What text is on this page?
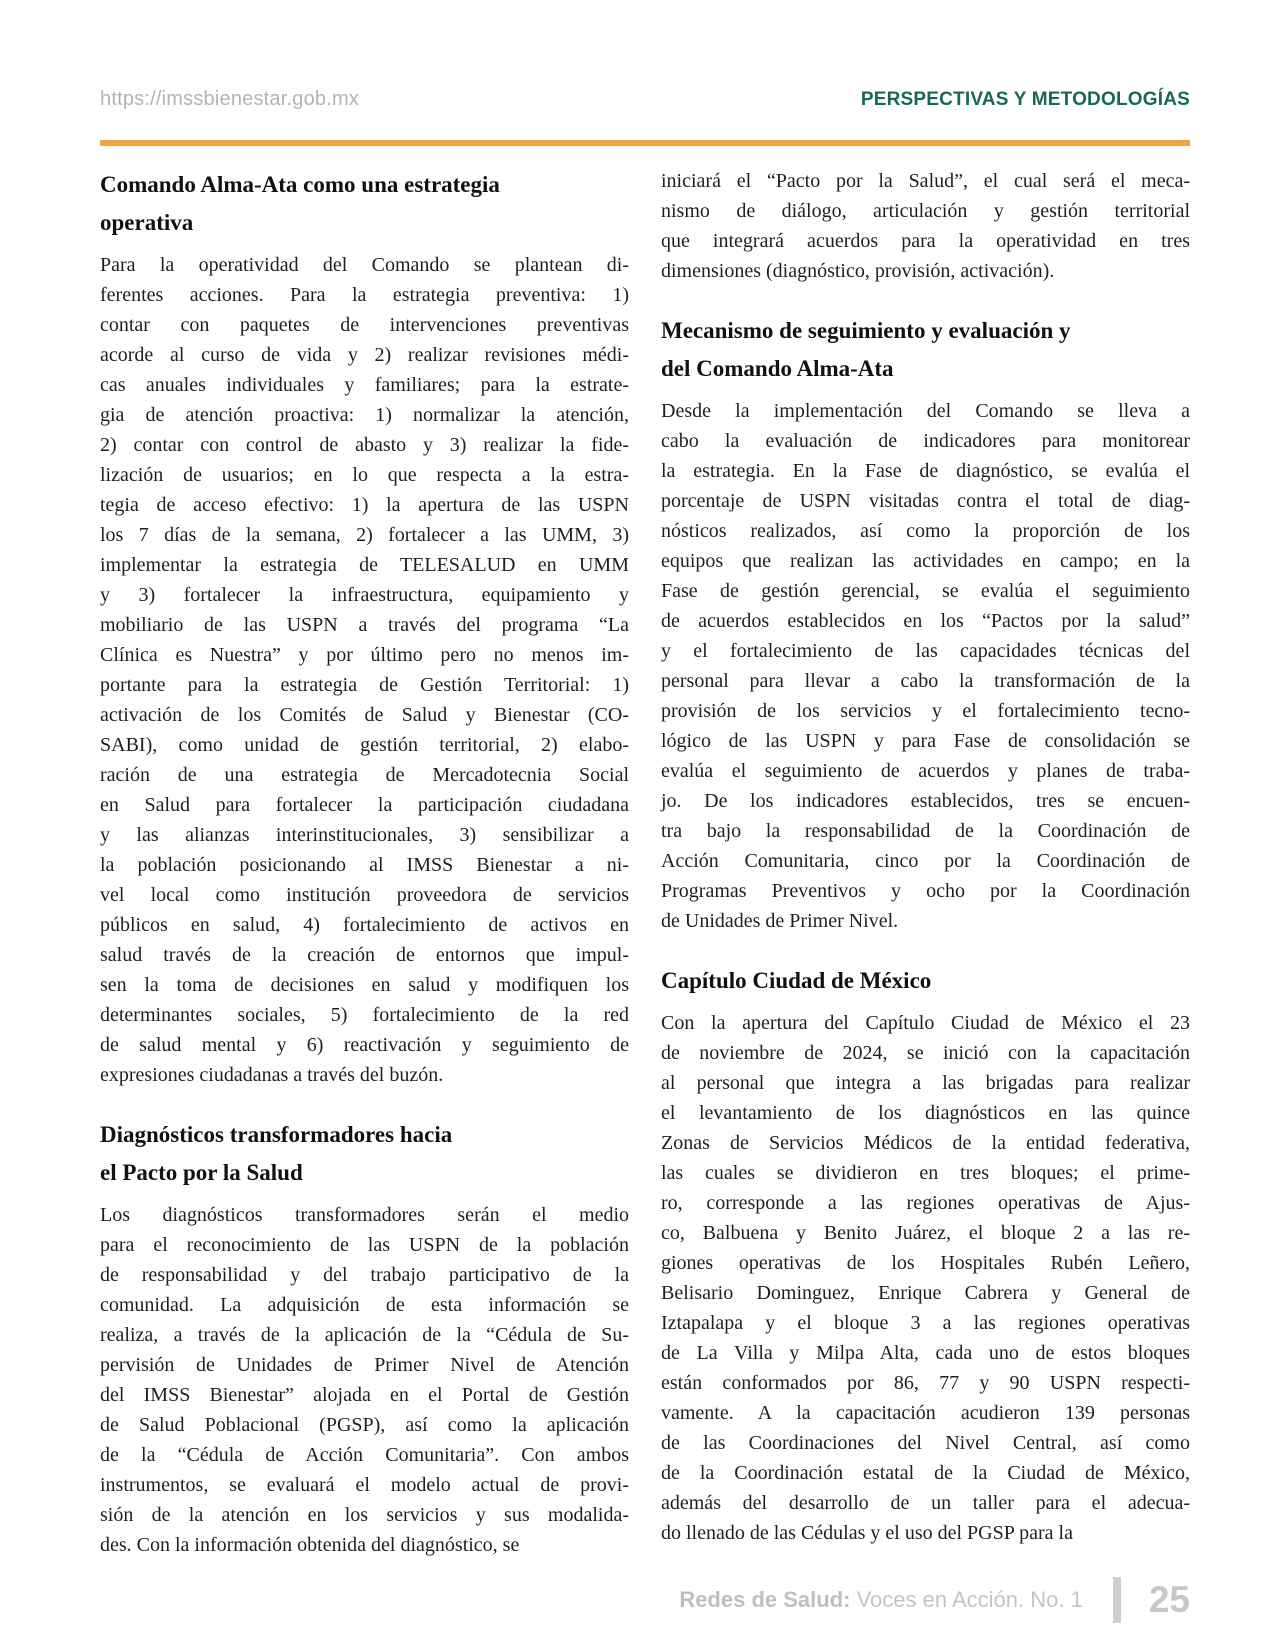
https://imssbienestar.gob.mx	PERSPECTIVAS Y METODOLOGÍAS
Comando Alma-Ata como una estrategia
operativa
Para la operatividad del Comando se plantean di-
ferentes acciones. Para la estrategia preventiva: 1)
contar con paquetes de intervenciones preventivas
acorde al curso de vida y 2) realizar revisiones médi-
cas anuales individuales y familiares; para la estrate-
gia de atención proactiva: 1) normalizar la atención,
2) contar con control de abasto y 3) realizar la fide-
lización de usuarios; en lo que respecta a la estra-
tegia de acceso efectivo: 1) la apertura de las USPN
los 7 días de la semana, 2) fortalecer a las UMM, 3)
implementar la estrategia de TELESALUD en UMM
y 3) fortalecer la infraestructura, equipamiento y
mobiliario de las USPN a través del programa “La
Clínica es Nuestra” y por último pero no menos im-
portante para la estrategia de Gestión Territorial: 1)
activación de los Comités de Salud y Bienestar (CO-
SABI), como unidad de gestión territorial, 2) elabo-
ración de una estrategia de Mercadotecnia Social
en Salud para fortalecer la participación ciudadana
y las alianzas interinstitucionales, 3) sensibilizar a
la población posicionando al IMSS Bienestar a ni-
vel local como institución proveedora de servicios
públicos en salud, 4) fortalecimiento de activos en
salud través de la creación de entornos que impul-
sen la toma de decisiones en salud y modifiquen los
determinantes sociales, 5) fortalecimiento de la red
de salud mental y 6) reactivación y seguimiento de
expresiones ciudadanas a través del buzón.
Diagnósticos transformadores hacia
el Pacto por la Salud
Los diagnósticos transformadores serán el medio
para el reconocimiento de las USPN de la población
de responsabilidad y del trabajo participativo de la
comunidad. La adquisición de esta información se
realiza, a través de la aplicación de la “Cédula de Su-
pervisión de Unidades de Primer Nivel de Atención
del IMSS Bienestar” alojada en el Portal de Gestión
de Salud Poblacional (PGSP), así como la aplicación
de la “Cédula de Acción Comunitaria”. Con ambos
instrumentos, se evaluará el modelo actual de provi-
sión de la atención en los servicios y sus modalida-
des. Con la información obtenida del diagnóstico, se
iniciará el “Pacto por la Salud”, el cual será el meca-
nismo de diálogo, articulación y gestión territorial
que integrará acuerdos para la operatividad en tres
dimensiones (diagnóstico, provisión, activación).
Mecanismo de seguimiento y evaluación y
del Comando Alma-Ata
Desde la implementación del Comando se lleva a
cabo la evaluación de indicadores para monitorear
la estrategia. En la Fase de diagnóstico, se evalúa el
porcentaje de USPN visitadas contra el total de diag-
nósticos realizados, así como la proporción de los
equipos que realizan las actividades en campo; en la
Fase de gestión gerencial, se evalúa el seguimiento
de acuerdos establecidos en los “Pactos por la salud”
y el fortalecimiento de las capacidades técnicas del
personal para llevar a cabo la transformación de la
provisión de los servicios y el fortalecimiento tecno-
lógico de las USPN y para Fase de consolidación se
evalúa el seguimiento de acuerdos y planes de traba-
jo. De los indicadores establecidos, tres se encuen-
tra bajo la responsabilidad de la Coordinación de
Acción Comunitaria, cinco por la Coordinación de
Programas Preventivos y ocho por la Coordinación
de Unidades de Primer Nivel.
Capítulo Ciudad de México
Con la apertura del Capítulo Ciudad de México el 23
de noviembre de 2024, se inició con la capacitación
al personal que integra a las brigadas para realizar
el levantamiento de los diagnósticos en las quince
Zonas de Servicios Médicos de la entidad federativa,
las cuales se dividieron en tres bloques; el prime-
ro, corresponde a las regiones operativas de Ajus-
co, Balbuena y Benito Juárez, el bloque 2 a las re-
giones operativas de los Hospitales Rubén Leñero,
Belisario Dominguez, Enrique Cabrera y General de
Iztapalapa y el bloque 3 a las regiones operativas
de La Villa y Milpa Alta, cada uno de estos bloques
están conformados por 86, 77 y 90 USPN respecti-
vamente. A la capacitación acudieron 139 personas
de las Coordinaciones del Nivel Central, así como
de la Coordinación estatal de la Ciudad de México,
además del desarrollo de un taller para el adecua-
do llenado de las Cédulas y el uso del PGSP para la
Redes de Salud: Voces en Acción. No. 1 25
